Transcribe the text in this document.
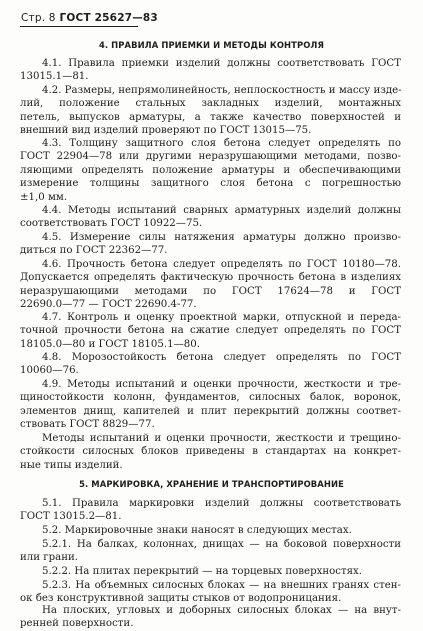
Стр. 8 ГОСТ 25627—83
4. ПРАВИЛА ПРИЕМКИ И МЕТОДЫ КОНТРОЛЯ
4.1. Правила приемки изделий должны соответствовать ГОСТ
13015.1—81.
4.2. Размеры, непрямолинейность, неплоскостность и массу изде-
лий, положение стальных закладных изделий, монтажных
петель, выпусков арматуры, а также качество поверхностей и
внешний вид изделий проверяют по ГОСТ 13015—75.
4.3. Толщину защитного слоя бетона следует определять по
ГОСТ 22904—78 или другими неразрушающими методами, позво-
ляющими определять положение арматуры и обеспечивающими
измерение толщины защитного слоя бетона с погрешностью
±1,0 мм.
4.4. Методы испытаний сварных арматурных изделий должны
соответствовать ГОСТ 10922—75.
4.5. Измерение силы натяжения арматуры должно произво-
диться по ГОСТ 22362—77.
4.6. Прочность бетона следует определять по ГОСТ 10180—78.
Допускается определять фактическую прочность бетона в изделиях
неразрушающими методами по ГОСТ 17624—78 и ГОСТ
22690.0—77 — ГОСТ 22690.4-77.
4.7. Контроль и оценку проектной марки, отпускной и переда-
точной прочности бетона на сжатие следует определять по ГОСТ
18105.0—80 и ГОСТ 18105.1—80.
4.8. Морозостойкость бетона следует определять по ГОСТ
10060—76.
4.9. Методы испытаний и оценки прочности, жесткости и тре-
щиностойкости колонн, фундаментов, силосных балок, воронок,
элементов днищ, капителей и плит перекрытий должны соответ-
ствовать ГОСТ 8829—77.
Методы испытаний и оценки прочности, жесткости и трещино-
стойкости силосных блоков приведены в стандартах на конкрет-
ные типы изделий.
5. МАРКИРОВКА, ХРАНЕНИЕ И ТРАНСПОРТИРОВАНИЕ
5.1. Правила маркировки изделий должны соответствовать
ГОСТ 13015.2—81.
5.2. Маркировочные знаки наносят в следующих местах.
5.2.1. На балках, колоннах, днищах — на боковой поверхности
или грани.
5.2.2. На плитах перекрытий — на торцевых поверхностях.
5.2.3. На объемных силосных блоках — на внешних гранях стен-
ок без конструктивной защиты стыков от водопроницания.
На плоских, угловых и доборных силосных блоках — на внут-
ренней поверхности.
